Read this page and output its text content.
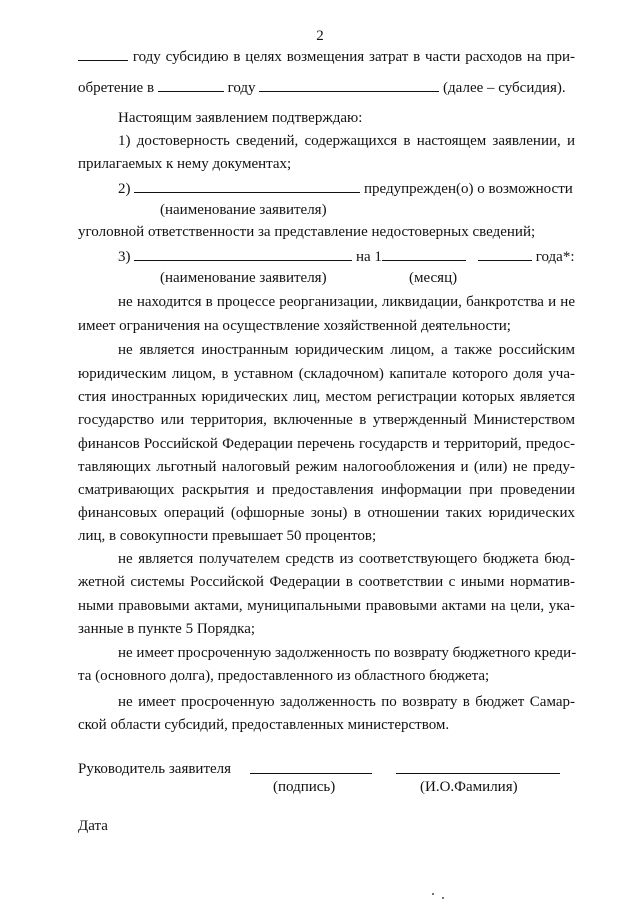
2
году субсидию в целях возмещения затрат в части расходов на при-
обретение в	году	(далее – субсидия).
Настоящим заявлением подтверждаю:
1) достоверность сведений, содержащихся в настоящем заявлении, и
прилагаемых к нему документах;
2)	предупрежден(о) о возможности
(наименование заявителя)
уголовной ответственности за представление недостоверных сведений;
3)	на 1	года*:
(наименование заявителя)	(месяц)
не находится в процессе реорганизации, ликвидации, банкротства и не
имеет ограничения на осуществление хозяйственной деятельности;
не является иностранным юридическим лицом, а также российским
юридическим лицом, в уставном (складочном) капитале которого доля уча-
стия иностранных юридических лиц, местом регистрации которых является
государство или территория, включенные в утвержденный Министерством
финансов Российской Федерации перечень государств и территорий, предос-
тавляющих льготный налоговый режим налогообложения и (или) не преду-
сматривающих раскрытия и предоставления информации при проведении
финансовых операций (офшорные зоны) в отношении таких юридических
лиц, в совокупности превышает 50 процентов;
не является получателем средств из соответствующего бюджета бюд-
жетной системы Российской Федерации в соответствии с иными норматив-
ными правовыми актами, муниципальными правовыми актами на цели, ука-
занные в пункте 5 Порядка;
не имеет просроченную задолженность по возврату бюджетного креди-
та (основного долга), предоставленного из областного бюджета;
не имеет просроченную задолженность по возврату в бюджет Самар-
ской области субсидий, предоставленных министерством.
Руководитель заявителя
(подпись)	(И.О.Фамилия)
Дата
